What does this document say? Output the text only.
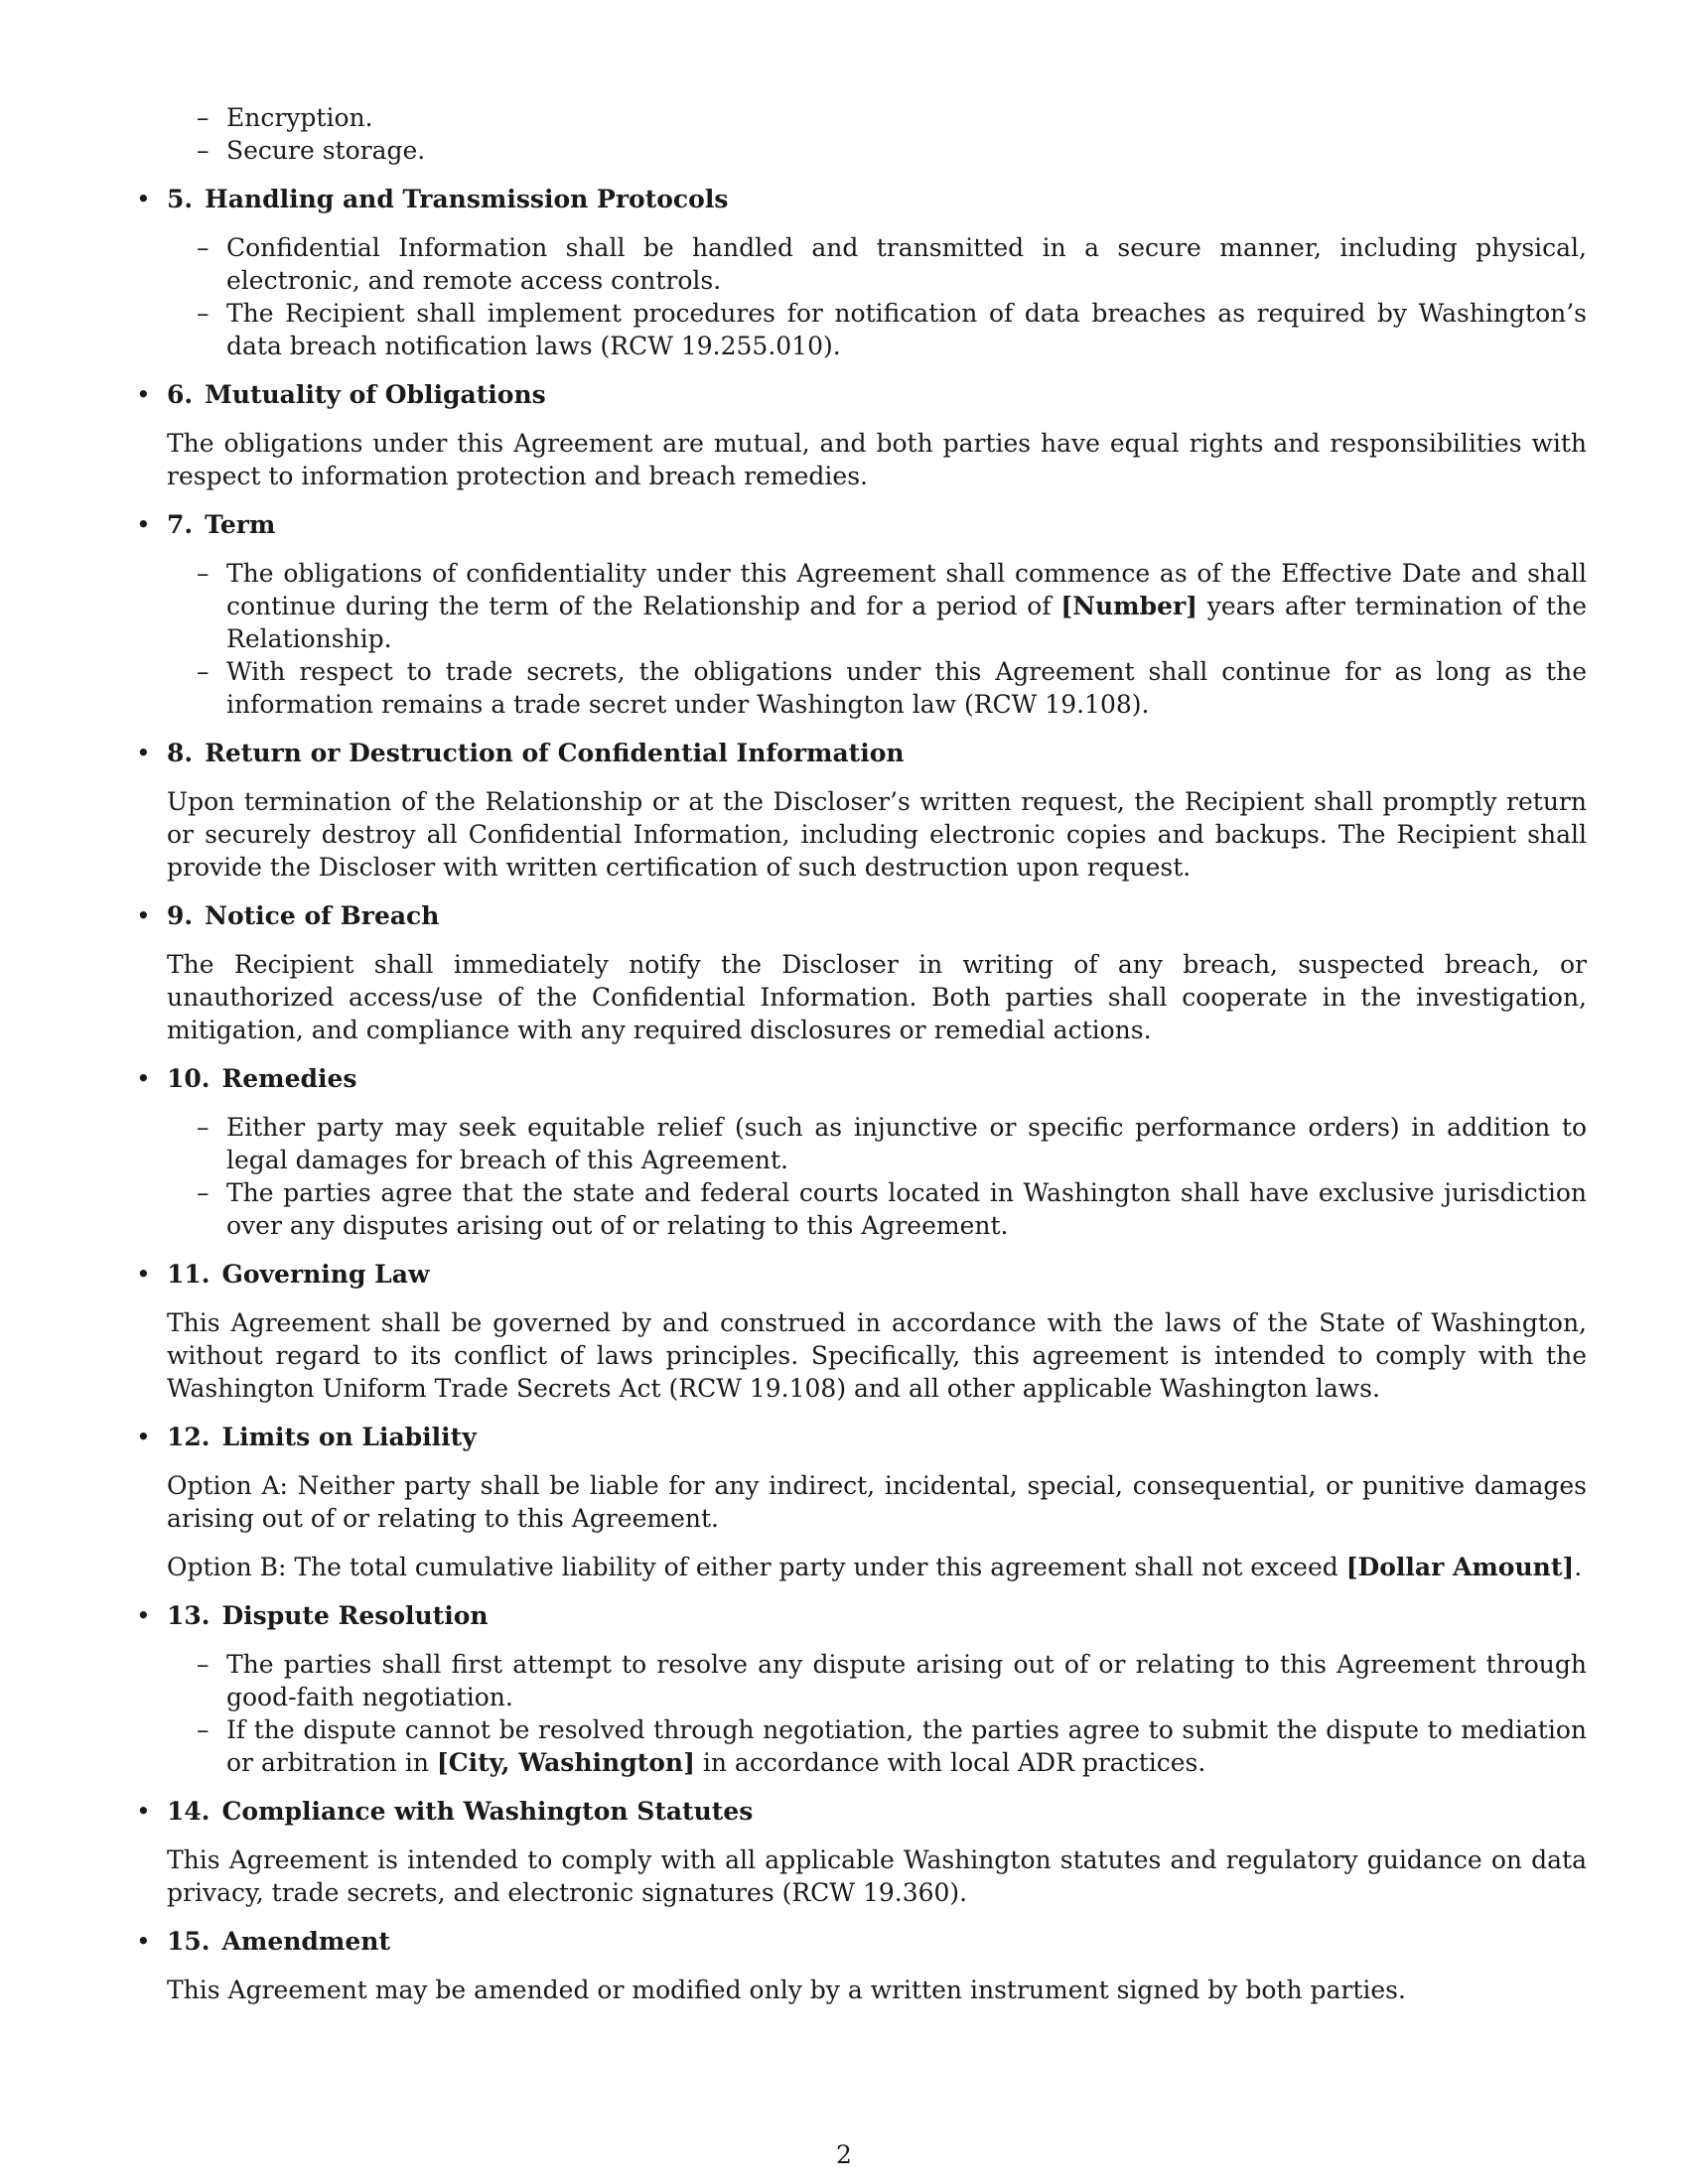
– Encryption.
– Secure storage.
• 5. Handling and Transmission Protocols
– Confidential Information shall be handled and transmitted in a secure manner, including physical, electronic, and remote access controls.
– The Recipient shall implement procedures for notification of data breaches as required by Washington’s data breach notification laws (RCW 19.255.010).
• 6. Mutuality of Obligations

The obligations under this Agreement are mutual, and both parties have equal rights and responsibilities with respect to information protection and breach remedies.

• 7. Term
– The obligations of confidentiality under this Agreement shall commence as of the Effective Date and shall continue during the term of the Relationship and for a period of [Number] years after termination of the Relationship.
– With respect to trade secrets, the obligations under this Agreement shall continue for as long as the information remains a trade secret under Washington law (RCW 19.108).
• 8. Return or Destruction of Confidential Information

Upon termination of the Relationship or at the Discloser’s written request, the Recipient shall promptly return or securely destroy all Confidential Information, including electronic copies and backups. The Recipient shall provide the Discloser with written certification of such destruction upon request.

• 9. Notice of Breach

The Recipient shall immediately notify the Discloser in writing of any breach, suspected breach, or unauthorized access/use of the Confidential Information. Both parties shall cooperate in the investigation, mitigation, and compliance with any required disclosures or remedial actions.

• 10. Remedies
– Either party may seek equitable relief (such as injunctive or specific performance orders) in addition to legal damages for breach of this Agreement.
– The parties agree that the state and federal courts located in Washington shall have exclusive jurisdiction over any disputes arising out of or relating to this Agreement.
• 11. Governing Law

This Agreement shall be governed by and construed in accordance with the laws of the State of Washington, without regard to its conflict of laws principles. Specifically, this agreement is intended to comply with the Washington Uniform Trade Secrets Act (RCW 19.108) and all other applicable Washington laws.

• 12. Limits on Liability

Option A: Neither party shall be liable for any indirect, incidental, special, consequential, or punitive damages arising out of or relating to this Agreement.

Option B: The total cumulative liability of either party under this agreement shall not exceed [Dollar Amount].

• 13. Dispute Resolution
– The parties shall first attempt to resolve any dispute arising out of or relating to this Agreement through good-faith negotiation.
– If the dispute cannot be resolved through negotiation, the parties agree to submit the dispute to mediation or arbitration in [City, Washington] in accordance with local ADR practices.
• 14. Compliance with Washington Statutes

This Agreement is intended to comply with all applicable Washington statutes and regulatory guidance on data privacy, trade secrets, and electronic signatures (RCW 19.360).

• 15. Amendment

This Agreement may be amended or modified only by a written instrument signed by both parties.

2
